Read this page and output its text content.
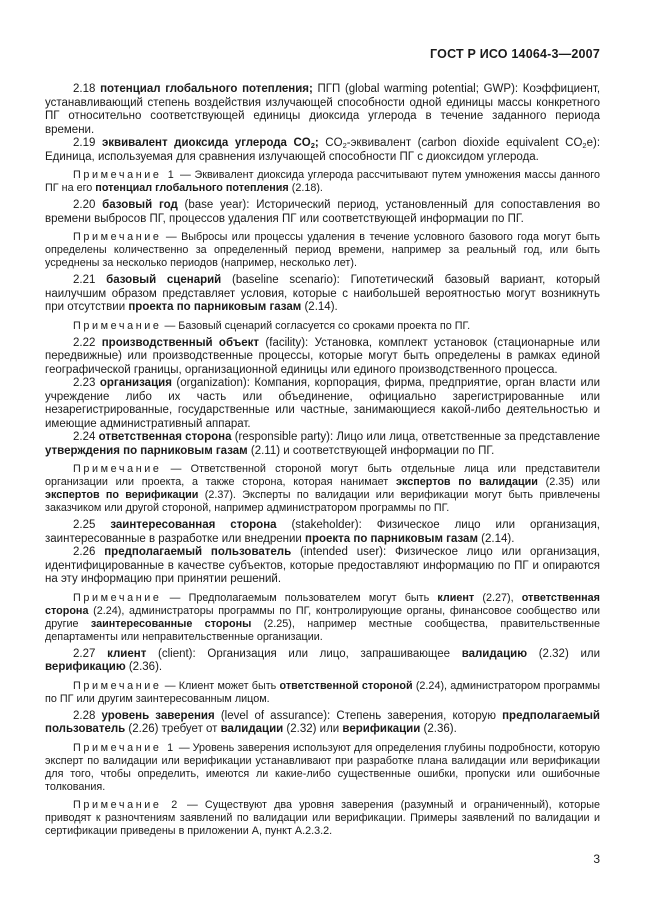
ГОСТ Р ИСО 14064-3—2007

2.18 потенциал глобального потепления; ПГП (global warming potential; GWP): Коэффициент, устанавливающий степень воздействия излучающей способности одной единицы массы конкретного ПГ относительно соответствующей единицы диоксида углерода в течение заданного периода времени.

2.19 эквивалент диоксида углерода $CO_2$; $CO_2$-эквивалент (carbon dioxide equivalent $CO_2e$): Единица, используемая для сравнения излучающей способности ПГ с диоксидом углерода.

Примечание 1 — Эквивалент диоксида углерода рассчитывают путем умножения массы данного ПГ на его потенциал глобального потепления (2.18).

2.20 базовый год (base year): Исторический период, установленный для сопоставления во времени выбросов ПГ, процессов удаления ПГ или соответствующей информации по ПГ.

Примечание — Выбросы или процессы удаления в течение условного базового года могут быть определены количественно за определенный период времени, например за реальный год, или быть усреднены за несколько периодов (например, несколько лет).

2.21 базовый сценарий (baseline scenario): Гипотетический базовый вариант, который наилучшим образом представляет условия, которые с наибольшей вероятностью могут возникнуть при отсутствии проекта по парниковым газам (2.14).

Примечание — Базовый сценарий согласуется со сроками проекта по ПГ.

2.22 производственный объект (facility): Установка, комплект установок (стационарные или передвижные) или производственные процессы, которые могут быть определены в рамках единой географической границы, организационной единицы или единого производственного процесса.

2.23 организация (organization): Компания, корпорация, фирма, предприятие, орган власти или учреждение либо их часть или объединение, официально зарегистрированные или незарегистрированные, государственные или частные, занимающиеся какой-либо деятельностью и имеющие административный аппарат.

2.24 ответственная сторона (responsible party): Лицо или лица, ответственные за представление утверждения по парниковым газам (2.11) и соответствующей информации по ПГ.

Примечание — Ответственной стороной могут быть отдельные лица или представители организации или проекта, а также сторона, которая нанимает экспертов по валидации (2.35) или экспертов по верификации (2.37). Эксперты по валидации или верификации могут быть привлечены заказчиком или другой стороной, например администратором программы по ПГ.

2.25 заинтересованная сторона (stakeholder): Физическое лицо или организация, заинтересованные в разработке или внедрении проекта по парниковым газам (2.14).

2.26 предполагаемый пользователь (intended user): Физическое лицо или организация, идентифицированные в качестве субъектов, которые предоставляют информацию по ПГ и опираются на эту информацию при принятии решений.

Примечание — Предполагаемым пользователем могут быть клиент (2.27), ответственная сторона (2.24), администраторы программы по ПГ, контролирующие органы, финансовое сообщество или другие заинтересованные стороны (2.25), например местные сообщества, правительственные департаменты или неправительственные организации.

2.27 клиент (client): Организация или лицо, запрашивающее валидацию (2.32) или верификацию (2.36).

Примечание — Клиент может быть ответственной стороной (2.24), администратором программы по ПГ или другим заинтересованным лицом.

2.28 уровень заверения (level of assurance): Степень заверения, которую предполагаемый пользователь (2.26) требует от валидации (2.32) или верификации (2.36).

Примечание 1 — Уровень заверения используют для определения глубины подробности, которую эксперт по валидации или верификации устанавливают при разработке плана валидации или верификации для того, чтобы определить, имеются ли какие-либо существенные ошибки, пропуски или ошибочные толкования.

Примечание 2 — Существуют два уровня заверения (разумный и ограниченный), которые приводят к разночтениям заявлений по валидации или верификации. Примеры заявлений по валидации и сертификации приведены в приложении А, пункт А.2.3.2.

3
